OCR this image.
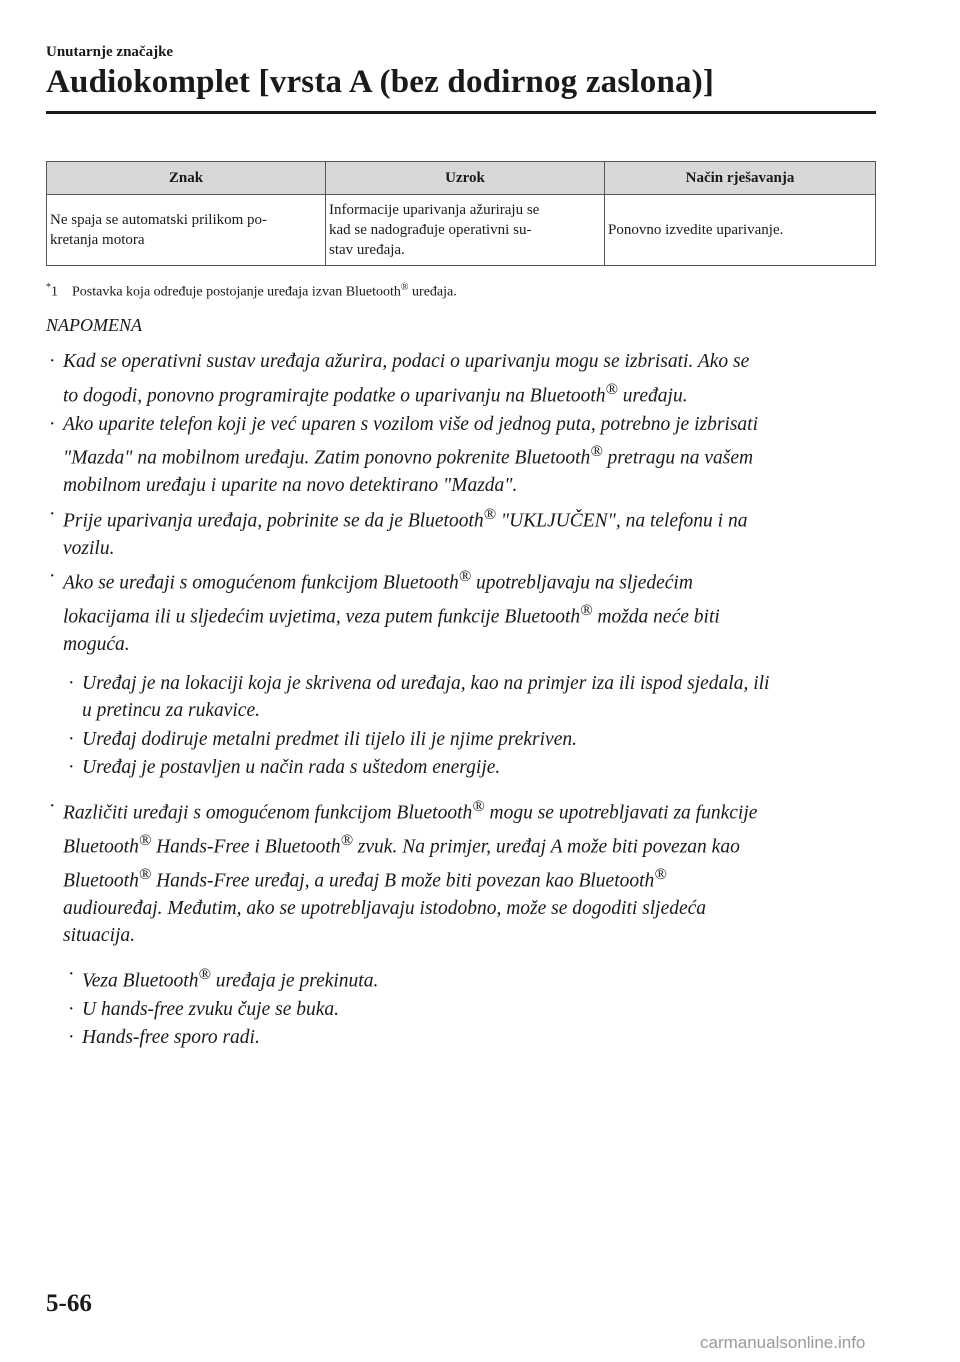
Unutarnje značajke
Audiokomplet [vrsta A (bez dodirnog zaslona)]
Znak	Uzrok	Način rješavanja
Ne spaja se automatski prilikom po-
kretanja motora	Informacije uparivanja ažuriraju se
kad se nadograđuje operativni su-
stav uređaja.	Ponovno izvedite uparivanje.
*1 Postavka koja određuje postojanje uređaja izvan Bluetooth® uređaja.
NAPOMENA
· Kad se operativni sustav uređaja ažurira, podaci o uparivanju mogu se izbrisati. Ako se
to dogodi, ponovno programirajte podatke o uparivanju na Bluetooth® uređaju.
· Ako uparite telefon koji je već uparen s vozilom više od jednog puta, potrebno je izbrisati
"Mazda" na mobilnom uređaju. Zatim ponovno pokrenite Bluetooth® pretragu na vašem
mobilnom uređaju i uparite na novo detektirano "Mazda".
· Prije uparivanja uređaja, pobrinite se da je Bluetooth® "UKLJUČEN", na telefonu i na
vozilu.
· Ako se uređaji s omogućenom funkcijom Bluetooth® upotrebljavaju na sljedećim
lokacijama ili u sljedećim uvjetima, veza putem funkcije Bluetooth® možda neće biti
moguća.
· Uređaj je na lokaciji koja je skrivena od uređaja, kao na primjer iza ili ispod sjedala, ili
u pretincu za rukavice.
· Uređaj dodiruje metalni predmet ili tijelo ili je njime prekriven.
· Uređaj je postavljen u način rada s uštedom energije.
· Različiti uređaji s omogućenom funkcijom Bluetooth® mogu se upotrebljavati za funkcije
Bluetooth® Hands-Free i Bluetooth® zvuk. Na primjer, uređaj A može biti povezan kao
Bluetooth® Hands-Free uređaj, a uređaj B može biti povezan kao Bluetooth®
audiouređaj. Međutim, ako se upotrebljavaju istodobno, može se dogoditi sljedeća
situacija.
· Veza Bluetooth® uređaja je prekinuta.
· U hands-free zvuku čuje se buka.
· Hands-free sporo radi.
5-66
carmanualsonline.info
